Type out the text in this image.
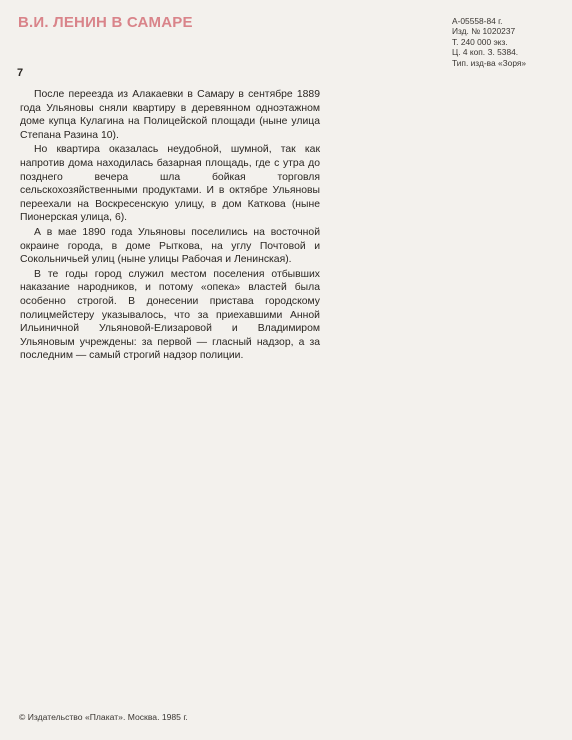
В.И. ЛЕНИН В САМАРЕ	А-05558-84 г.
Изд. № 1020237
Т. 240 000 экз.
Ц. 4 коп. З. 5384.
Тип. изд-ва «Зоря»
7

После переезда из Алакаевки в Самару в сентябре 1889 года Ульяновы сняли квартиру в деревянном одноэтажном доме купца Кулагина на Полицейской площади (ныне улица Степана Разина 10).

Но квартира оказалась неудобной, шумной, так как напротив дома находилась базарная площадь, где с утра до позднего вечера шла бойкая торговля сельскохозяйственными продуктами. И в октябре Ульяновы переехали на Воскресенскую улицу, в дом Каткова (ныне Пионерская улица, 6).

А в мае 1890 года Ульяновы поселились на восточной окраине города, в доме Рыткова, на углу Почтовой и Сокольничьей улиц (ныне улицы Рабочая и Ленинская).

В те годы город служил местом поселения отбывших наказание народников, и потому «опека» властей была особенно строгой. В донесении пристава городскому полицмейстеру указывалось, что за приехавшими Анной Ильиничной Ульяновой-Елизаровой и Владимиром Ульяновым учреждены: за первой — гласный надзор, а за последним — самый строгий надзор полиции.

© Издательство «Плакат». Москва. 1985 г.
